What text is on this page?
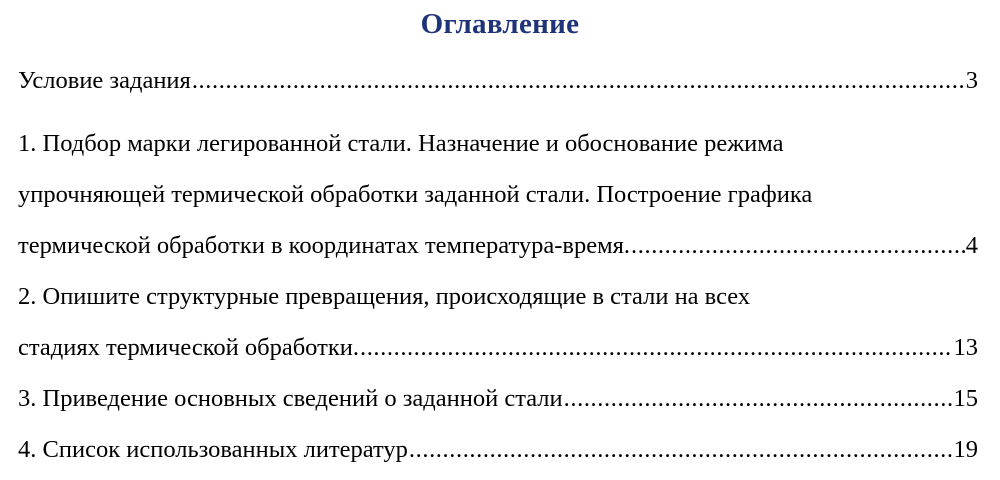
Оглавление
Условие задания .....	3
1. Подбор марки легированной стали. Назначение и обоснование режима
упрочняющей термической обработки заданной стали. Построение графика
термической обработки в координатах температура-время. .....	4
2. Опишите структурные превращения, происходящие в стали на всех
стадиях термической обработки. .....	13
3. Приведение основных сведений о заданной стали .....	15
4. Список использованных литератур .....	19
